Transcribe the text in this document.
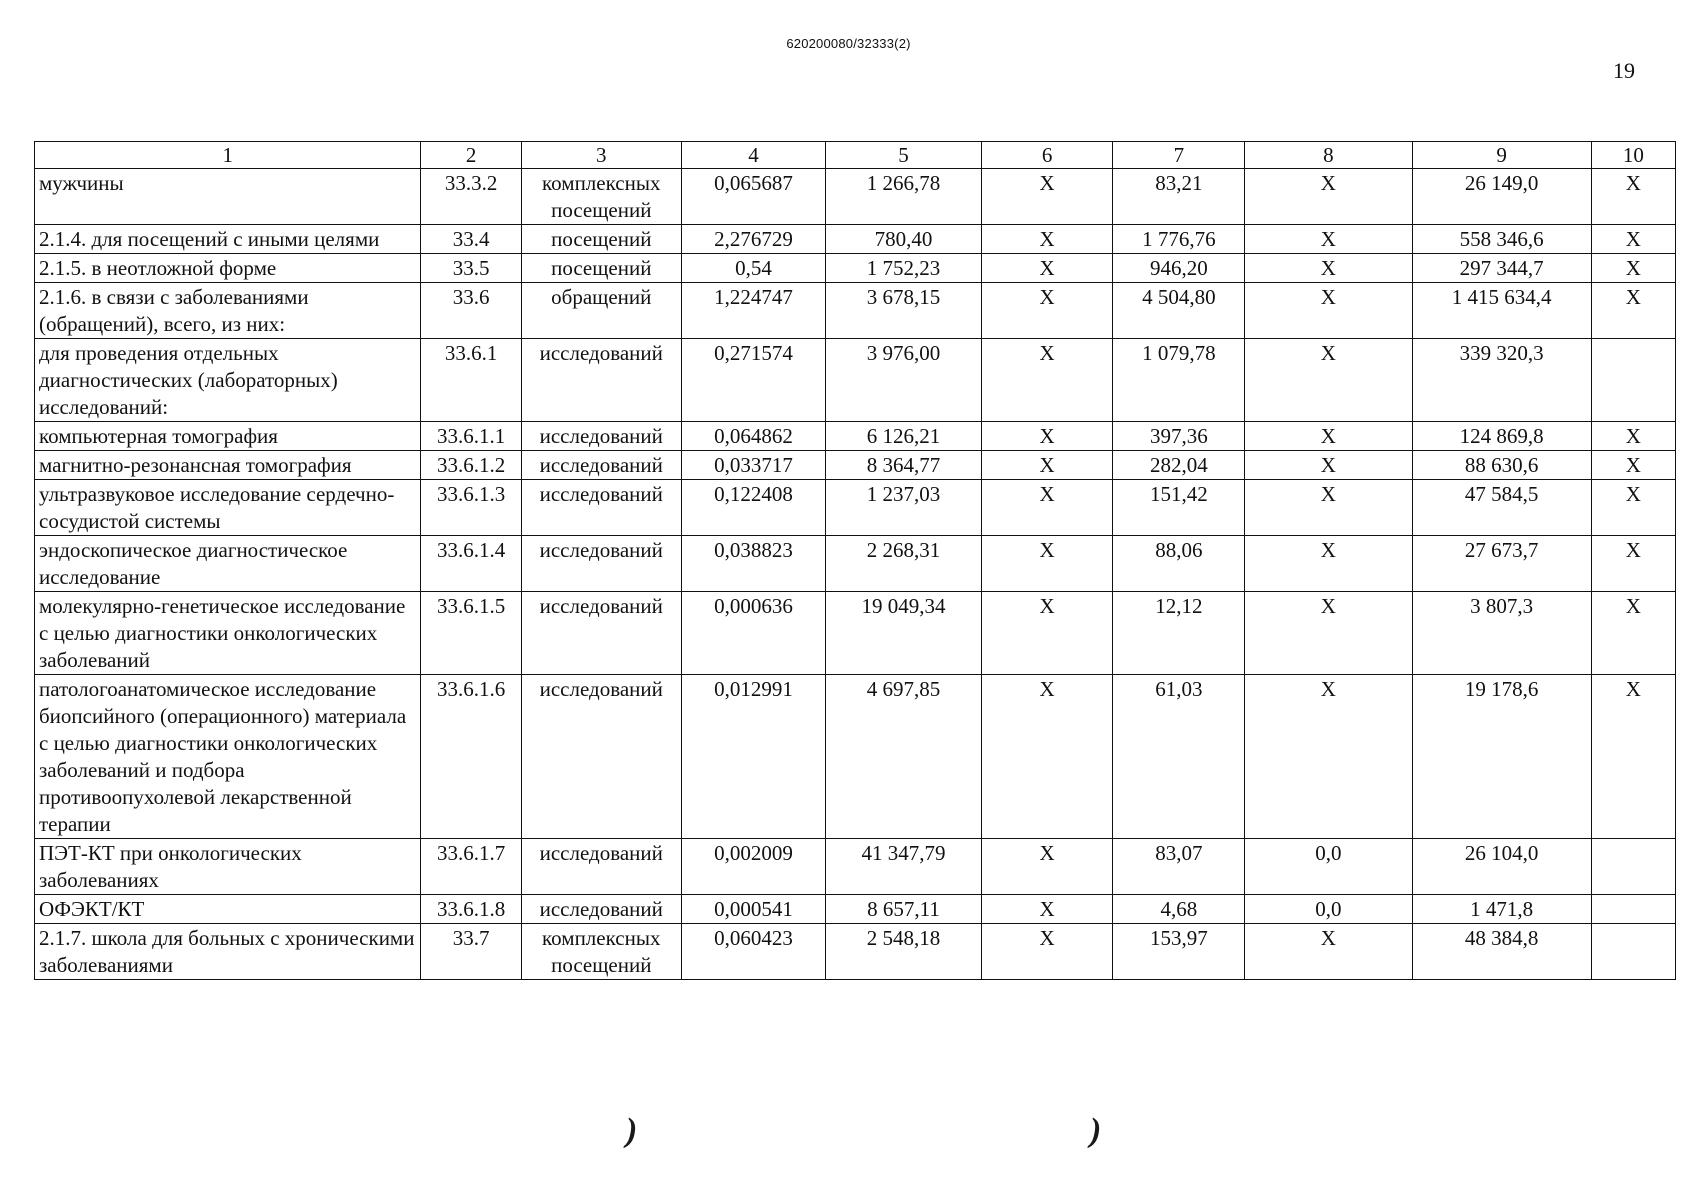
620200080/32333(2)
19
1	2	3	4	5	6	7	8	9	10
мужчины	33.3.2	комплексных посещений	0,065687	1 266,78	X	83,21	X	26 149,0	X
2.1.4. для посещений с иными целями	33.4	посещений	2,276729	780,40	X	1 776,76	X	558 346,6	X
2.1.5. в неотложной форме	33.5	посещений	0,54	1 752,23	X	946,20	X	297 344,7	X
2.1.6. в связи с заболеваниями (обращений), всего, из них:	33.6	обращений	1,224747	3 678,15	X	4 504,80	X	1 415 634,4	X
для проведения отдельных диагностических (лабораторных) исследований:	33.6.1	исследований	0,271574	3 976,00	X	1 079,78	X	339 320,3	
компьютерная томография	33.6.1.1	исследований	0,064862	6 126,21	X	397,36	X	124 869,8	X
магнитно-резонансная томография	33.6.1.2	исследований	0,033717	8 364,77	X	282,04	X	88 630,6	X
ультразвуковое исследование сердечно-сосудистой системы	33.6.1.3	исследований	0,122408	1 237,03	X	151,42	X	47 584,5	X
эндоскопическое диагностическое исследование	33.6.1.4	исследований	0,038823	2 268,31	X	88,06	X	27 673,7	X
молекулярно-генетическое исследование с целью диагностики онкологических заболеваний	33.6.1.5	исследований	0,000636	19 049,34	X	12,12	X	3 807,3	X
патологоанатомическое исследование биопсийного (операционного) материала с целью диагностики онкологических заболеваний и подбора противоопухолевой лекарственной терапии	33.6.1.6	исследований	0,012991	4 697,85	X	61,03	X	19 178,6	X
ПЭТ-КТ при онкологических заболеваниях	33.6.1.7	исследований	0,002009	41 347,79	X	83,07	0,0	26 104,0	
ОФЭКТ/КТ	33.6.1.8	исследований	0,000541	8 657,11	X	4,68	0,0	1 471,8	
2.1.7. школа для больных с хроническими заболеваниями	33.7	комплексных посещений	0,060423	2 548,18	X	153,97	X	48 384,8	
)	)
